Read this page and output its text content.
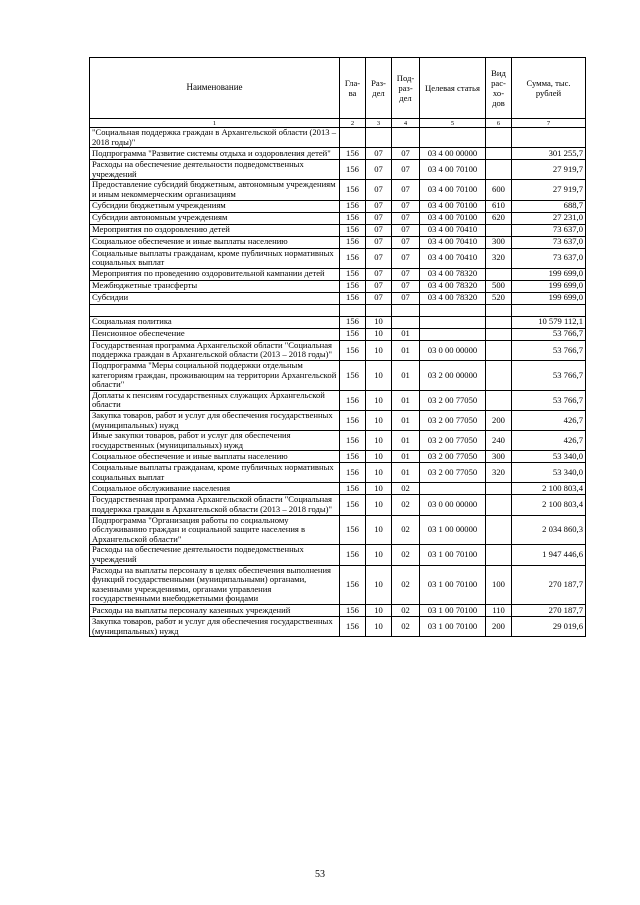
Наименование	Гла-ва	Раз-дел	Под-раз-дел	Целевая статья	Вид рас-хо-дов	Сумма, тыс. рублей
1	2	3	4	5	6	7
"Социальная поддержка граждан в Архангельской области (2013 – 2018 годы)"						
Подпрограмма "Развитие системы отдыха и оздоровления детей"	156	07	07	03 4 00 00000		301 255,7
Расходы на обеспечение деятельности подведомственных учреждений	156	07	07	03 4 00 70100		27 919,7
Предоставление субсидий бюджетным, автономным учреждениям и иным некоммерческим организациям	156	07	07	03 4 00 70100	600	27 919,7
Субсидии бюджетным учреждениям	156	07	07	03 4 00 70100	610	688,7
Субсидии автономным учреждениям	156	07	07	03 4 00 70100	620	27 231,0
Мероприятия по оздоровлению детей	156	07	07	03 4 00 70410		73 637,0
Социальное обеспечение и иные выплаты населению	156	07	07	03 4 00 70410	300	73 637,0
Социальные выплаты гражданам, кроме публичных нормативных социальных выплат	156	07	07	03 4 00 70410	320	73 637,0
Мероприятия по проведению оздоровительной кампании детей	156	07	07	03 4 00 78320		199 699,0
Межбюджетные трансферты	156	07	07	03 4 00 78320	500	199 699,0
Субсидии	156	07	07	03 4 00 78320	520	199 699,0

Социальная политика	156	10				10 579 112,1
Пенсионное обеспечение	156	10	01			53 766,7
Государственная программа Архангельской области "Социальная поддержка граждан в Архангельской области (2013 – 2018 годы)"	156	10	01	03 0 00 00000		53 766,7
Подпрограмма "Меры социальной поддержки отдельным категориям граждан, проживающим на территории Архангельской области"	156	10	01	03 2 00 00000		53 766,7
Доплаты к пенсиям государственных служащих Архангельской области	156	10	01	03 2 00 77050		53 766,7
Закупка товаров, работ и услуг для обеспечения государственных (муниципальных) нужд	156	10	01	03 2 00 77050	200	426,7
Иные закупки товаров, работ и услуг для обеспечения государственных (муниципальных) нужд	156	10	01	03 2 00 77050	240	426,7
Социальное обеспечение и иные выплаты населению	156	10	01	03 2 00 77050	300	53 340,0
Социальные выплаты гражданам, кроме публичных нормативных социальных выплат	156	10	01	03 2 00 77050	320	53 340,0
Социальное обслуживание населения	156	10	02			2 100 803,4
Государственная программа Архангельской области "Социальная поддержка граждан в Архангельской области (2013 – 2018 годы)"	156	10	02	03 0 00 00000		2 100 803,4
Подпрограмма "Организация работы по социальному обслуживанию граждан и социальной защите населения в Архангельской области"	156	10	02	03 1 00 00000		2 034 860,3
Расходы на обеспечение деятельности подведомственных учреждений	156	10	02	03 1 00 70100		1 947 446,6
Расходы на выплаты персоналу в целях обеспечения выполнения функций государственными (муниципальными) органами, казенными учреждениями, органами управления государственными внебюджетными фондами	156	10	02	03 1 00 70100	100	270 187,7
Расходы на выплаты персоналу казенных учреждений	156	10	02	03 1 00 70100	110	270 187,7
Закупка товаров, работ и услуг для обеспечения государственных (муниципальных) нужд	156	10	02	03 1 00 70100	200	29 019,6
53
